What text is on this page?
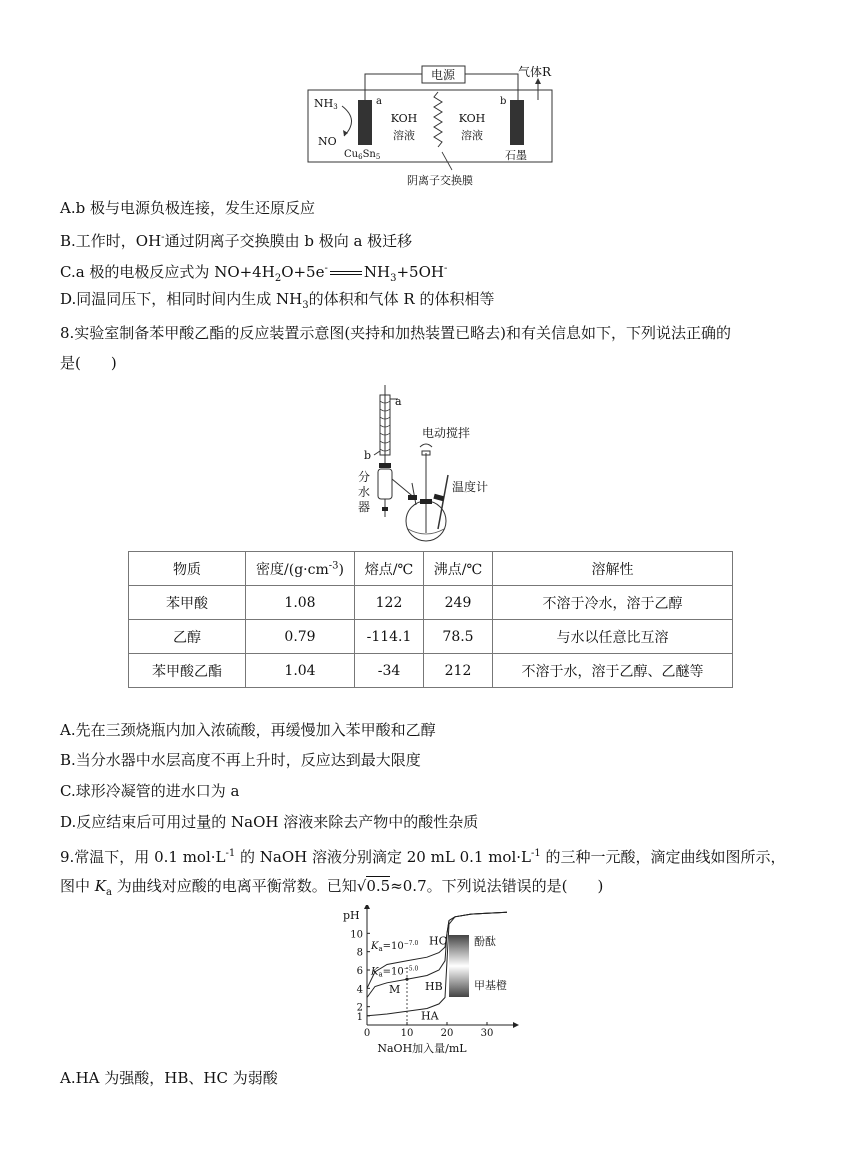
电源	气体R
NH3
NO
a	b
KOH
溶液
KOH
溶液
$Cu_6Sn_5$	石墨
阴离子交换膜
A.b 极与电源负极连接，发生还原反应
B.工作时，OH-通过阴离子交换膜由 b 极向 a 极迁移
C.a 极的电极反应式为 $NO+4H_2O+5e^-$ $NH_3+5OH^-$
D.同温同压下，相同时间内生成 $NH_3$的体积和气体 R 的体积相等
8.实验室制备苯甲酸乙酯的反应装置示意图(夹持和加热装置已略去)和有关信息如下，下列说法正确的
是(　　)
a
b
分
水
器
电动搅拌
温度计
物质	密度$/(g\cdot cm^{-3})$	熔点/℃	沸点/℃	溶解性
苯甲酸	1.08	122	249	不溶于冷水，溶于乙醇
乙醇	0.79	-114.1	78.5	与水以任意比互溶
苯甲酸乙酯	1.04	-34	212	不溶于水，溶于乙醇、乙醚等
A.先在三颈烧瓶内加入浓硫酸，再缓慢加入苯甲酸和乙醇
B.当分水器中水层高度不再上升时，反应达到最大限度
C.球形冷凝管的进水口为 a
D.反应结束后可用过量的 NaOH 溶液来除去产物中的酸性杂质
9.常温下，用 0.1 $mol\cdot L^{-1}$ 的 NaOH 溶液分别滴定 20 mL 0.1 $mol\cdot L^{-1}$ 的三种一元酸，滴定曲线如图所示，
图中 $K_a$ 为曲线对应酸的电离平衡常数。已知√0.5≈0.7。下列说法错误的是(　　)
pH
NaOH加入量/mL
0	10	20	30
1
2
4
6
8
10
$K_a=10^{-7.0}$
$K_a=10^{-5.0}$
M
HC
HB
HA
酚酞
甲基橙
A.HA 为强酸，HB、HC 为弱酸
